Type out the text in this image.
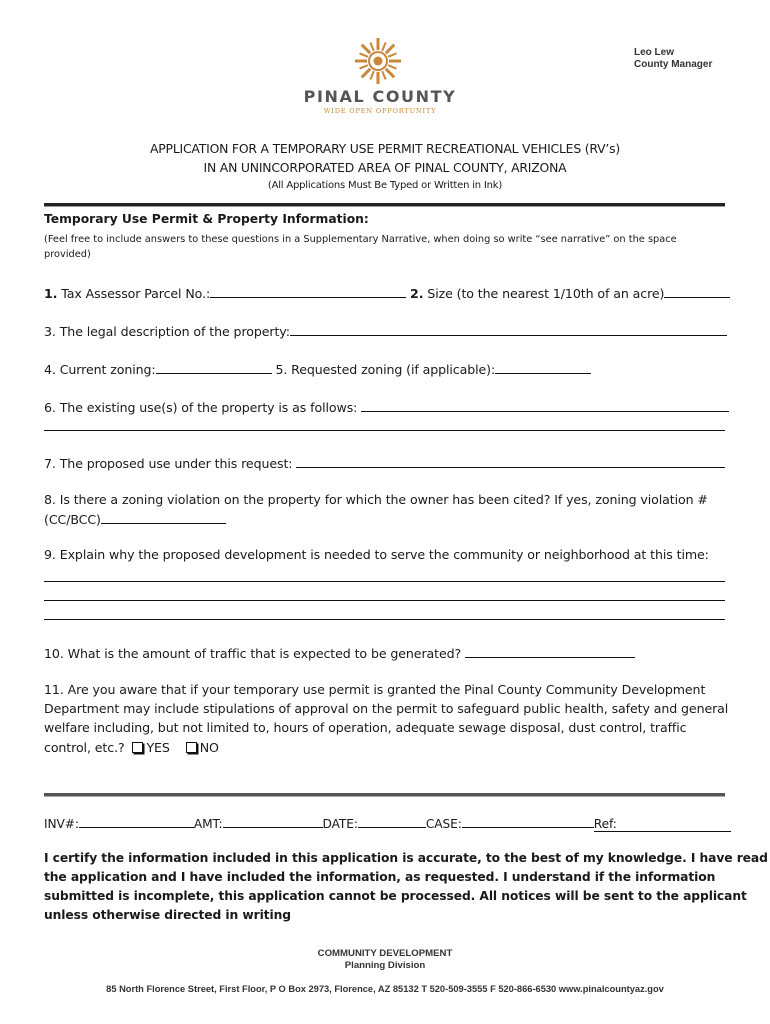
Leo Lew
County Manager
PINAL COUNTY
WIDE OPEN OPPORTUNITY
APPLICATION FOR A TEMPORARY USE PERMIT RECREATIONAL VEHICLES (RV’s)
IN AN UNINCORPORATED AREA OF PINAL COUNTY, ARIZONA
(All Applications Must Be Typed or Written in Ink)
Temporary Use Permit & Property Information:
(Feel free to include answers to these questions in a Supplementary Narrative, when doing so write “see narrative” on the space
provided)
1. Tax Assessor Parcel No.:	2. Size (to the nearest 1/10th of an acre)
3. The legal description of the property:
4. Current zoning:	5. Requested zoning (if applicable):
6. The existing use(s) of the property is as follows:
7. The proposed use under this request:
8. Is there a zoning violation on the property for which the owner has been cited? If yes, zoning violation #
(CC/BCC)
9. Explain why the proposed development is needed to serve the community or neighborhood at this time:
10. What is the amount of traffic that is expected to be generated?
11. Are you aware that if your temporary use permit is granted the Pinal County Community Development
Department may include stipulations of approval on the permit to safeguard public health, safety and general
welfare including, but not limited to, hours of operation, adequate sewage disposal, dust control, traffic
control, etc.? YES NO
INV#:	AMT:	DATE:	CASE:	Ref:
I certify the information included in this application is accurate, to the best of my knowledge. I have read
the application and I have included the information, as requested. I understand if the information
submitted is incomplete, this application cannot be processed. All notices will be sent to the applicant
unless otherwise directed in writing
COMMUNITY DEVELOPMENT
Planning Division
85 North Florence Street, First Floor, P O Box 2973, Florence, AZ 85132 T 520-509-3555 F 520-866-6530 www.pinalcountyaz.gov
